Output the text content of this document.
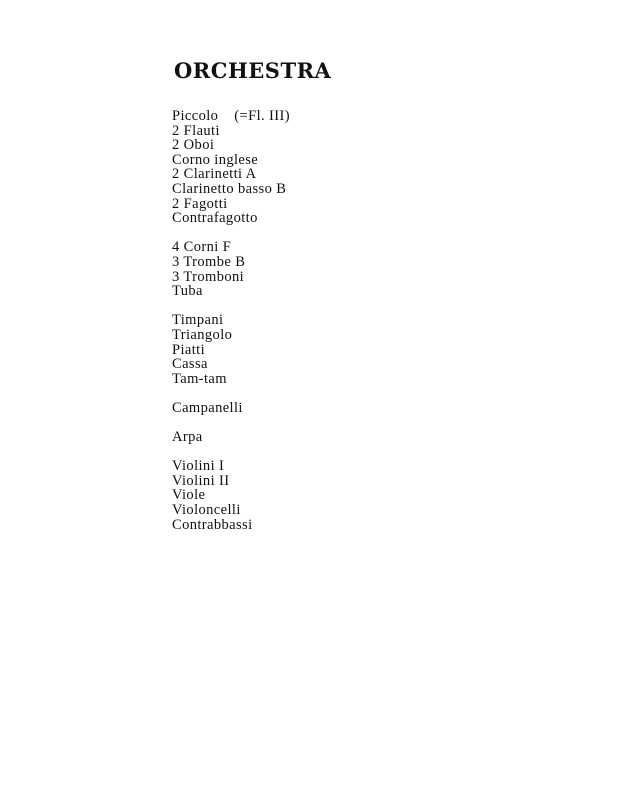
ORCHESTRA
Piccolo (=Fl. III)
2 Flauti
2 Oboi
Corno inglese
2 Clarinetti A
Clarinetto basso B
2 Fagotti
Contrafagotto
4 Corni F
3 Trombe B
3 Tromboni
Tuba
Timpani
Triangolo
Piatti
Cassa
Tam-tam
Campanelli
Arpa
Violini I
Violini II
Viole
Violoncelli
Contrabbassi
